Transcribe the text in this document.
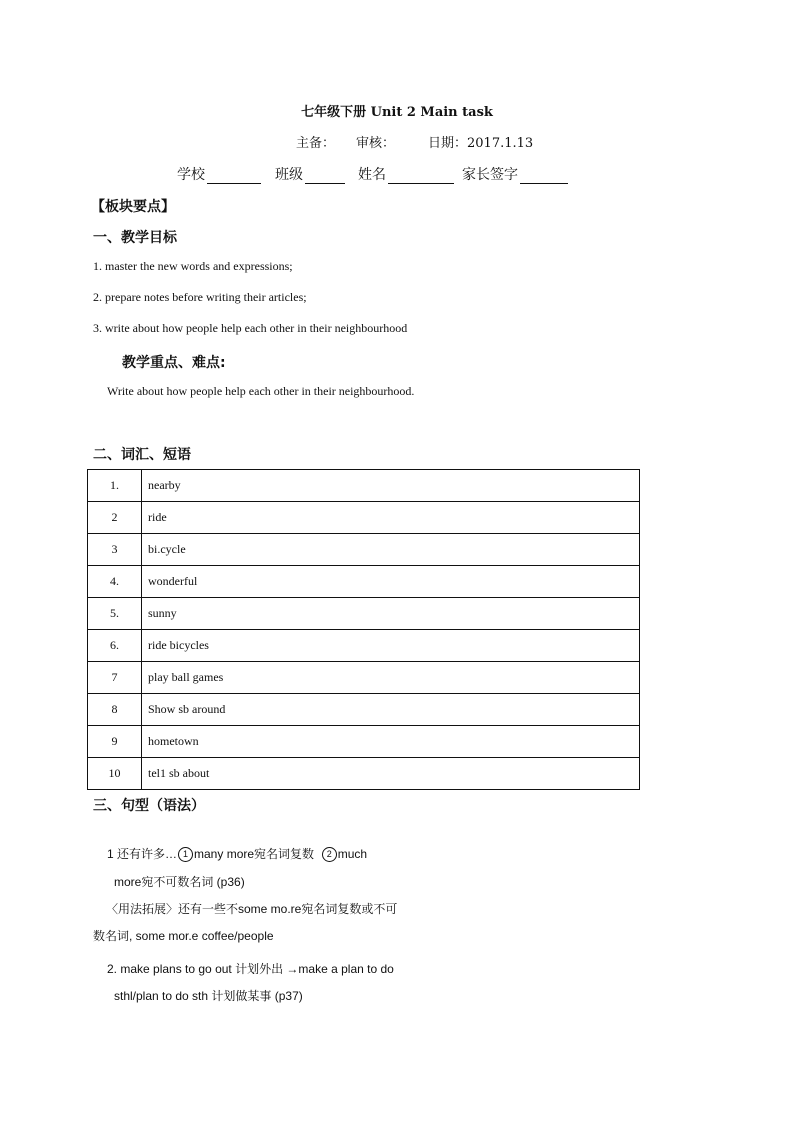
七年级下册 Unit 2 Main task
主备： 审核：	日期：2017.1.13
学校	班级	姓名	家长签字
【板块要点】
一、教学目标
1. master the new words and expressions;
2. prepare notes before writing their articles;
3. write about how people help each other in their neighbourhood
教学重点、难点:
Write about how people help each other in their neighbourhood.
二、词汇、短语
1.	nearby
2	ride
3	bi.cycle
4.	wonderful
5.	sunny
6.	ride bicycles
7	play ball games
8	Show sb around
9	hometown
10	tel1 sb about
三、句型（语法）
1 还有许多… 1 many more宛名词复数 2 much
more宛不可数名词 (p36)
〈用法拓展〉还有一些不some mo.re宛名词复数或不可
数名词, some mor.e coffee/people
2. make plans to go out 计划外出 →make a plan to do
sthl/plan to do sth 计划做某事 (p37)
